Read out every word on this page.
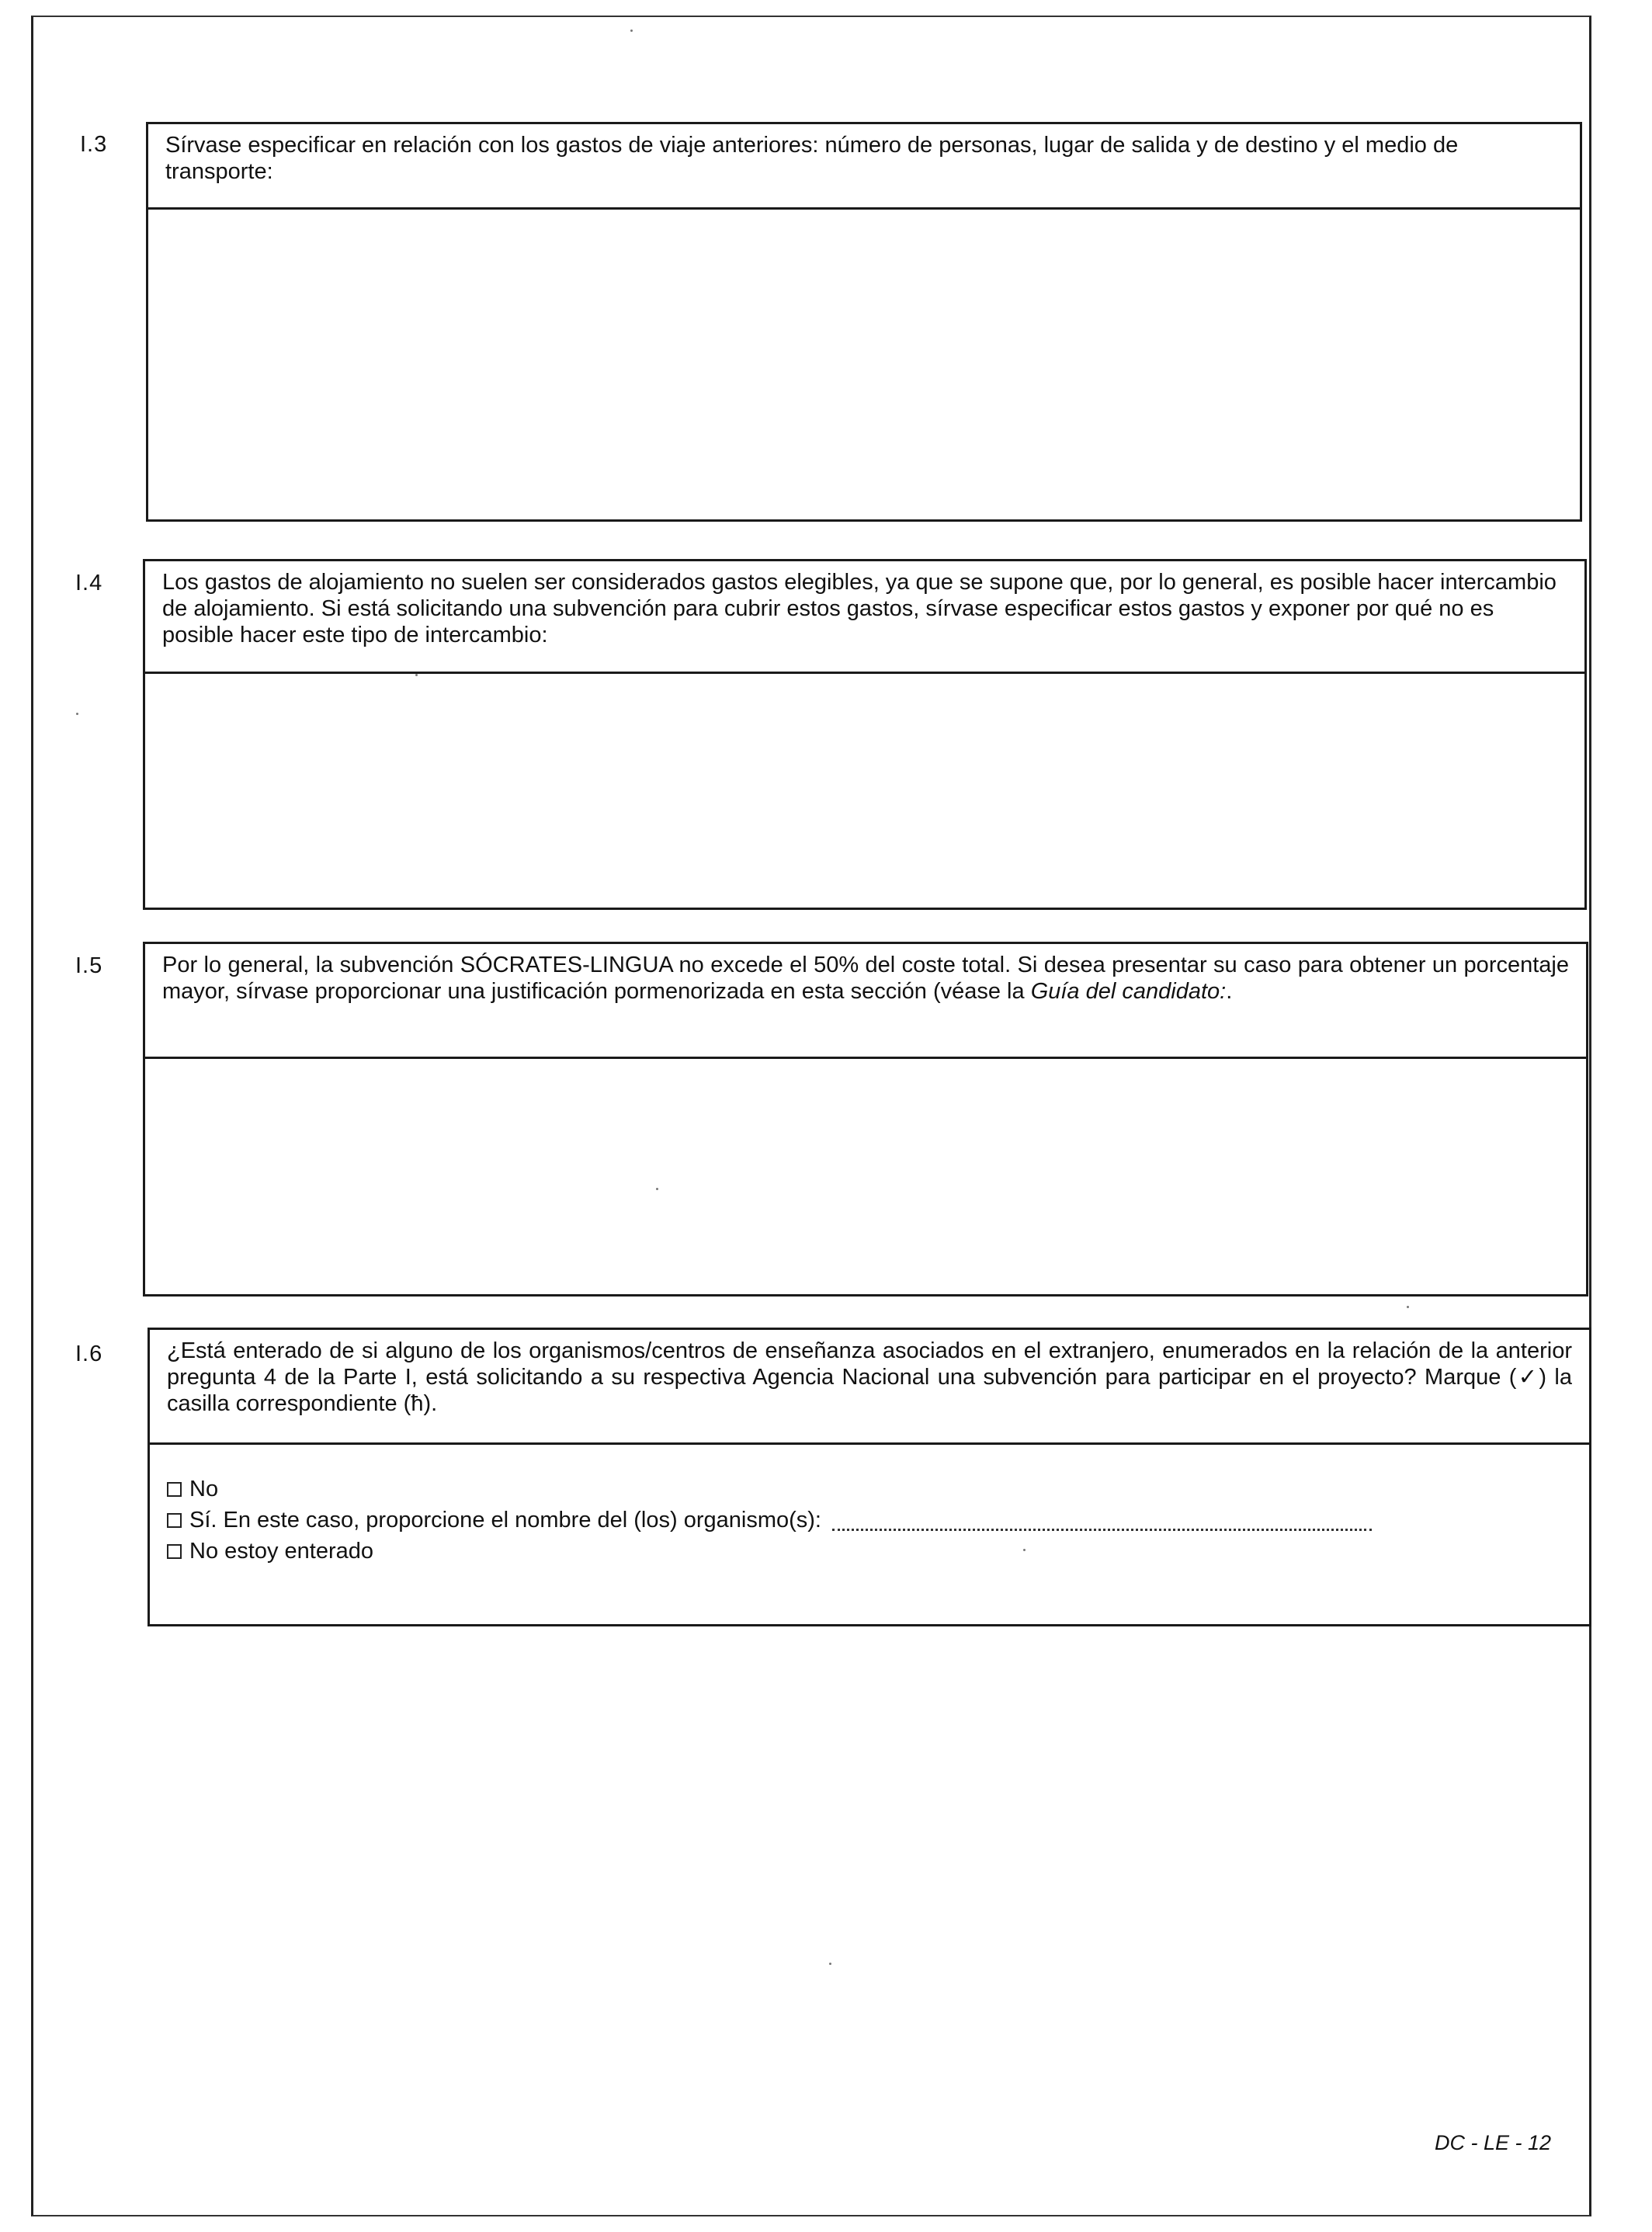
I.3	Sírvase especificar en relación con los gastos de viaje anteriores: número de personas, lugar de salida y de destino y el medio de transporte:
I.4	Los gastos de alojamiento no suelen ser considerados gastos elegibles, ya que se supone que, por lo general, es posible hacer intercambio de alojamiento. Si está solicitando una subvención para cubrir estos gastos, sírvase especificar estos gastos y exponer por qué no es posible hacer este tipo de intercambio:
I.5	Por lo general, la subvención SÓCRATES-LINGUA no excede el 50% del coste total. Si desea presentar su caso para obtener un porcentaje mayor, sírvase proporcionar una justificación pormenorizada en esta sección (véase la Guía del candidato:.
I.6	¿Está enterado de si alguno de los organismos/centros de enseñanza asociados en el extranjero, enumerados en la relación de la anterior pregunta 4 de la Parte I, está solicitando a su respectiva Agencia Nacional una subvención para participar en el proyecto? Marque (✓) la casilla correspondiente (ħ).
No
Sí. En este caso, proporcione el nombre del (los) organismo(s):
No estoy enterado
DC - LE - 12
